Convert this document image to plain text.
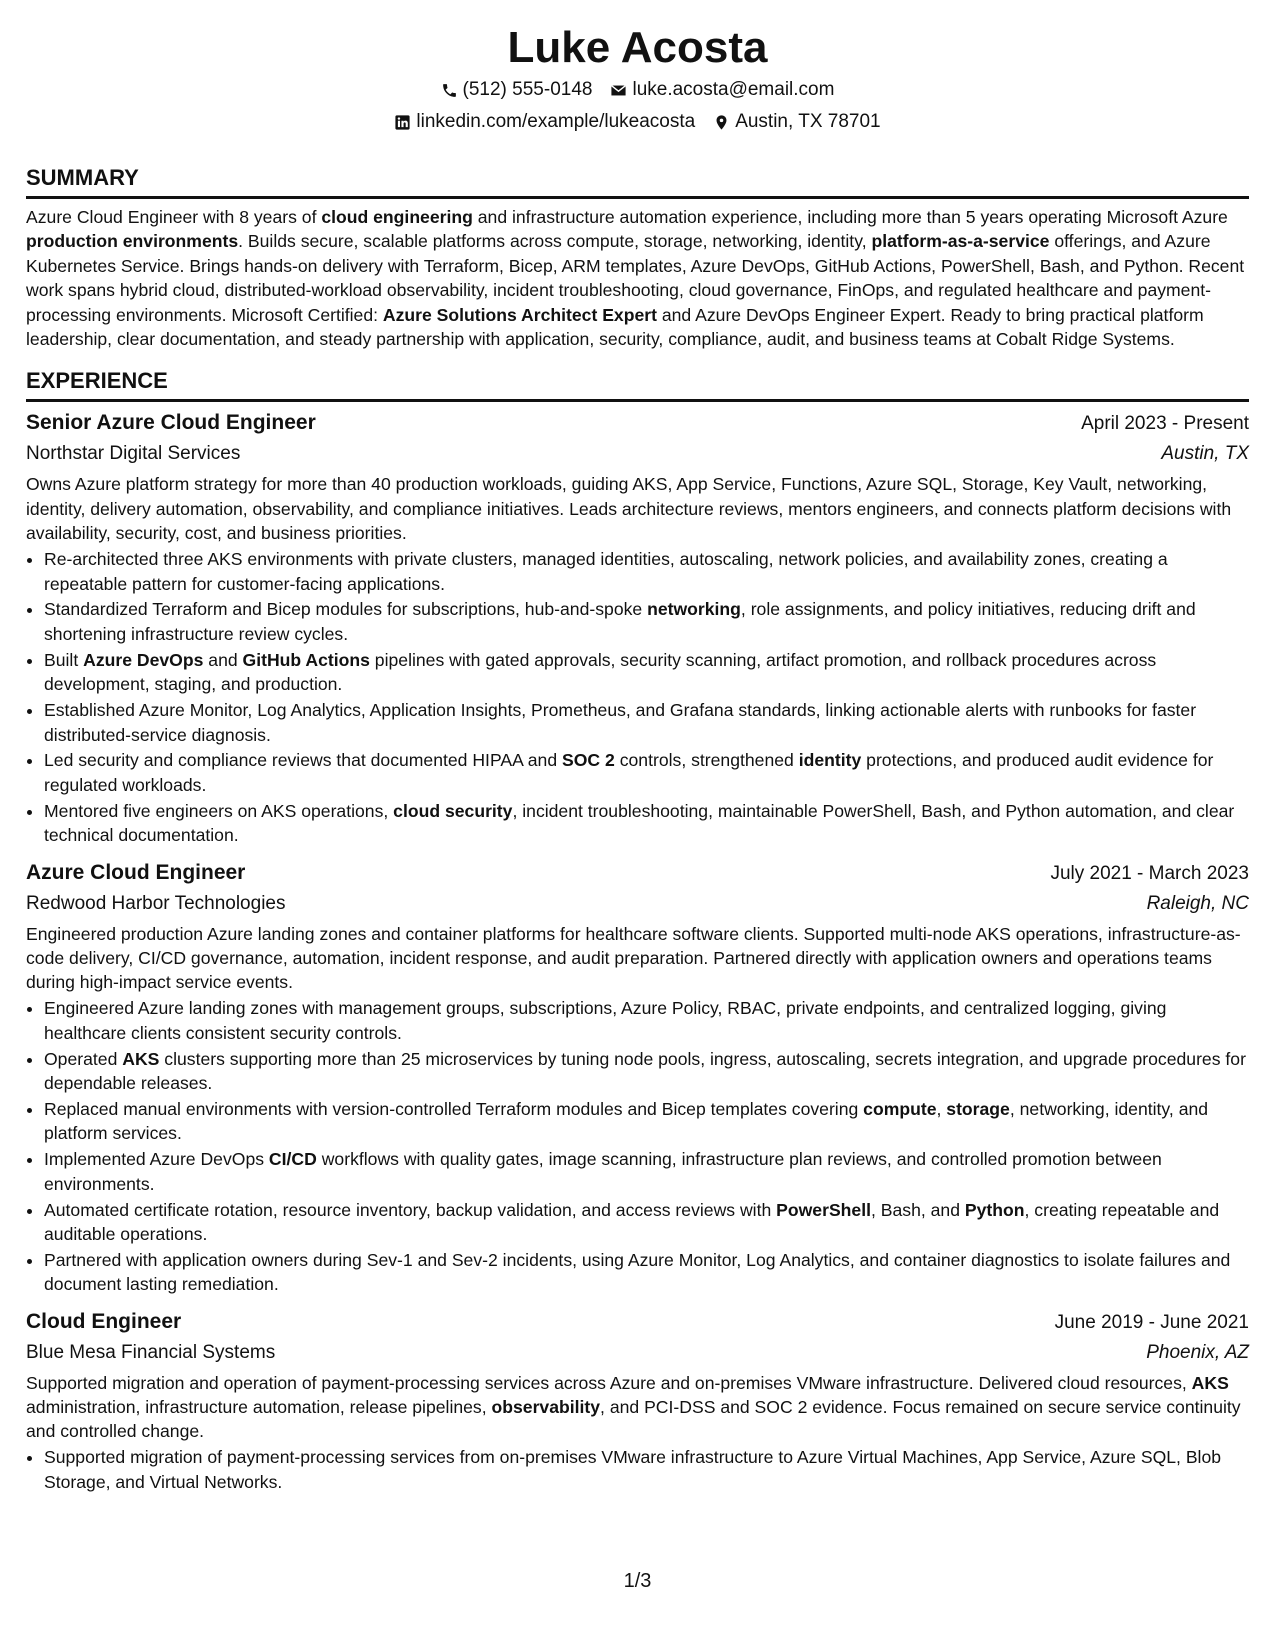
Luke Acosta
(512) 555-0148 luke.acosta@email.com
linkedin.com/example/lukeacosta Austin, TX 78701
SUMMARY

Azure Cloud Engineer with 8 years of cloud engineering and infrastructure automation experience, including more than 5 years operating Microsoft Azure production environments. Builds secure, scalable platforms across compute, storage, networking, identity, platform-as-a-service offerings, and Azure Kubernetes Service. Brings hands-on delivery with Terraform, Bicep, ARM templates, Azure DevOps, GitHub Actions, PowerShell, Bash, and Python. Recent work spans hybrid cloud, distributed-workload observability, incident troubleshooting, cloud governance, FinOps, and regulated healthcare and payment-processing environments. Microsoft Certified: Azure Solutions Architect Expert and Azure DevOps Engineer Expert. Ready to bring practical platform leadership, clear documentation, and steady partnership with application, security, compliance, audit, and business teams at Cobalt Ridge Systems.

EXPERIENCE
Senior Azure Cloud Engineer	April 2023 - Present
Northstar Digital Services	Austin, TX

Owns Azure platform strategy for more than 40 production workloads, guiding AKS, App Service, Functions, Azure SQL, Storage, Key Vault, networking, identity, delivery automation, observability, and compliance initiatives. Leads architecture reviews, mentors engineers, and connects platform decisions with availability, security, cost, and business priorities.

• Re-architected three AKS environments with private clusters, managed identities, autoscaling, network policies, and availability zones, creating a repeatable pattern for customer-facing applications.
• Standardized Terraform and Bicep modules for subscriptions, hub-and-spoke networking, role assignments, and policy initiatives, reducing drift and shortening infrastructure review cycles.
• Built Azure DevOps and GitHub Actions pipelines with gated approvals, security scanning, artifact promotion, and rollback procedures across development, staging, and production.
• Established Azure Monitor, Log Analytics, Application Insights, Prometheus, and Grafana standards, linking actionable alerts with runbooks for faster distributed-service diagnosis.
• Led security and compliance reviews that documented HIPAA and SOC 2 controls, strengthened identity protections, and produced audit evidence for regulated workloads.
• Mentored five engineers on AKS operations, cloud security, incident troubleshooting, maintainable PowerShell, Bash, and Python automation, and clear technical documentation.
Azure Cloud Engineer	July 2021 - March 2023
Redwood Harbor Technologies	Raleigh, NC

Engineered production Azure landing zones and container platforms for healthcare software clients. Supported multi-node AKS operations, infrastructure-as-code delivery, CI/CD governance, automation, incident response, and audit preparation. Partnered directly with application owners and operations teams during high-impact service events.

• Engineered Azure landing zones with management groups, subscriptions, Azure Policy, RBAC, private endpoints, and centralized logging, giving healthcare clients consistent security controls.
• Operated AKS clusters supporting more than 25 microservices by tuning node pools, ingress, autoscaling, secrets integration, and upgrade procedures for dependable releases.
• Replaced manual environments with version-controlled Terraform modules and Bicep templates covering compute, storage, networking, identity, and platform services.
• Implemented Azure DevOps CI/CD workflows with quality gates, image scanning, infrastructure plan reviews, and controlled promotion between environments.
• Automated certificate rotation, resource inventory, backup validation, and access reviews with PowerShell, Bash, and Python, creating repeatable and auditable operations.
• Partnered with application owners during Sev-1 and Sev-2 incidents, using Azure Monitor, Log Analytics, and container diagnostics to isolate failures and document lasting remediation.
Cloud Engineer	June 2019 - June 2021
Blue Mesa Financial Systems	Phoenix, AZ

Supported migration and operation of payment-processing services across Azure and on-premises VMware infrastructure. Delivered cloud resources, AKS administration, infrastructure automation, release pipelines, observability, and PCI-DSS and SOC 2 evidence. Focus remained on secure service continuity and controlled change.

• Supported migration of payment-processing services from on-premises VMware infrastructure to Azure Virtual Machines, App Service, Azure SQL, Blob Storage, and Virtual Networks.
1/3
